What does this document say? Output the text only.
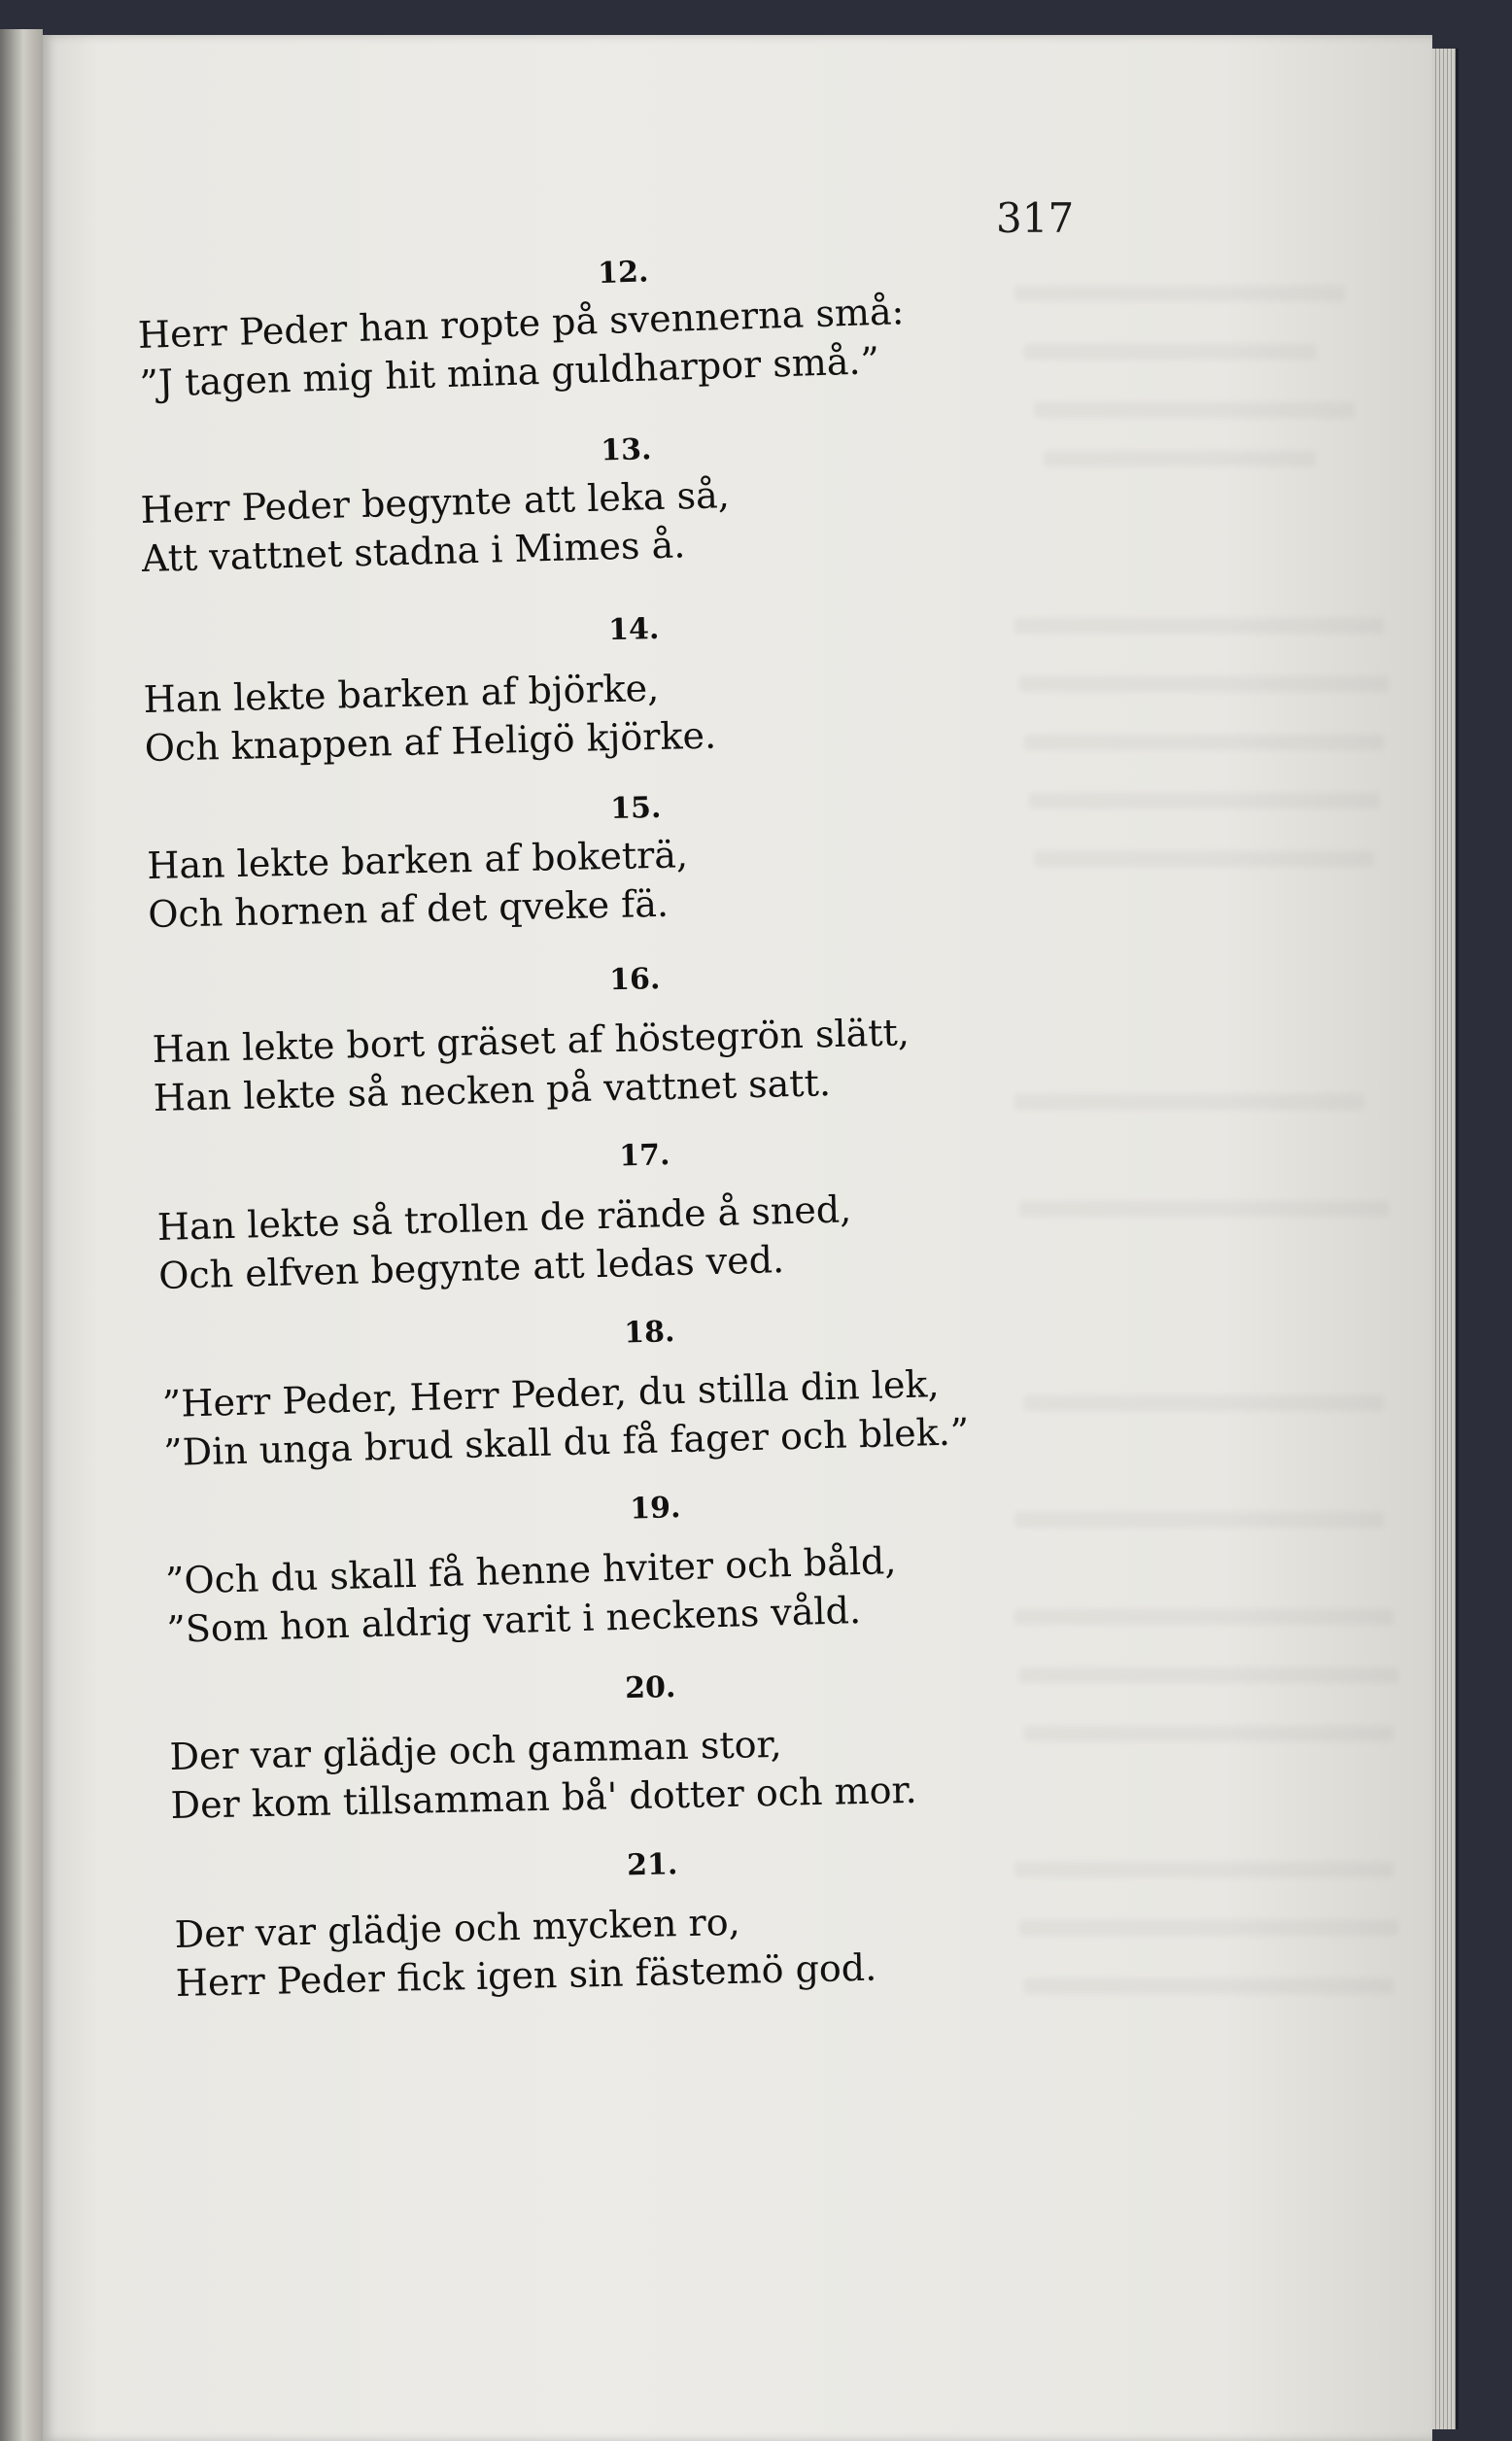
317
12.
Herr Peder han ropte på svennerna små:
”J tagen mig hit mina guldharpor små.”
13.
Herr Peder begynte att leka så,
Att vattnet stadna i Mimes å.
14.
Han lekte barken af björke,
Och knappen af Heligö kjörke.
15.
Han lekte barken af boketrä,
Och hornen af det qveke fä.
16.
Han lekte bort gräset af höstegrön slätt,
Han lekte så necken på vattnet satt.
17.
Han lekte så trollen de rände å sned,
Och elfven begynte att ledas ved.
18.
”Herr Peder, Herr Peder, du stilla din lek,
”Din unga brud skall du få fager och blek.”
19.
”Och du skall få henne hviter och båld,
”Som hon aldrig varit i neckens våld.
20.
Der var glädje och gamman stor,
Der kom tillsamman bå' dotter och mor.
21.
Der var glädje och mycken ro,
Herr Peder fick igen sin fästemö god.
